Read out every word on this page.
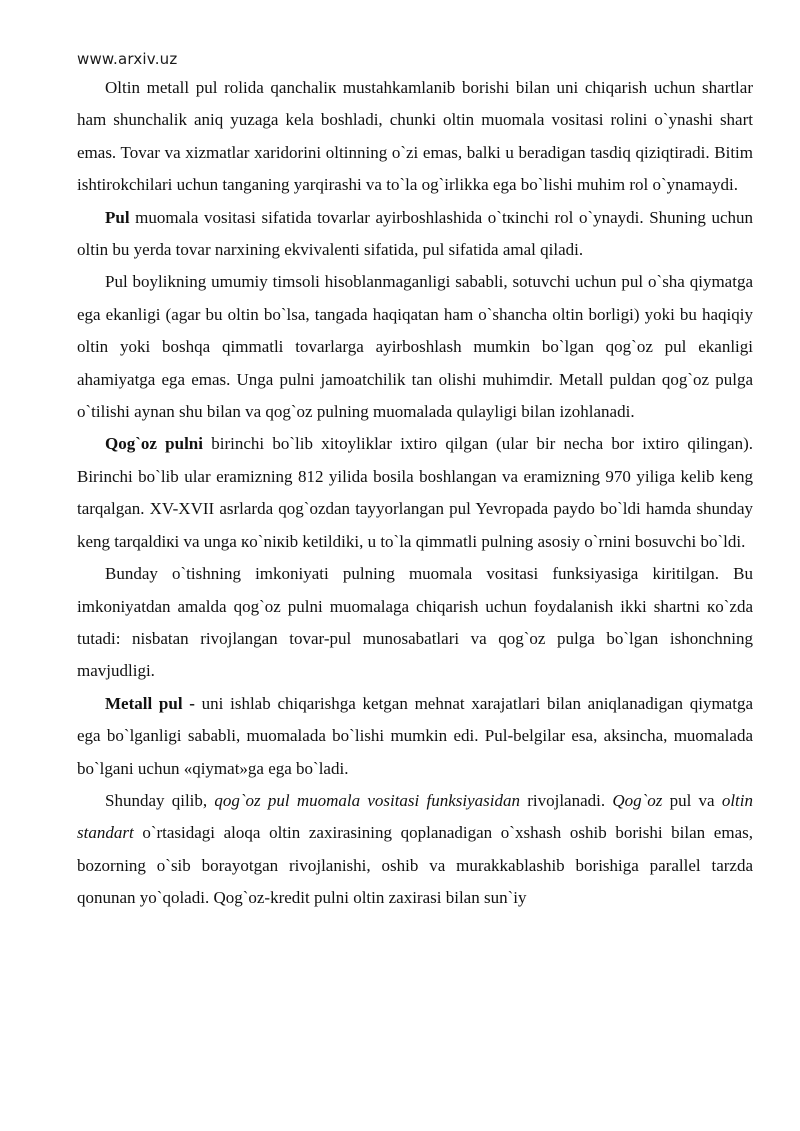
www.arxiv.uz

Oltin metall pul rolida qanchalік mustahkamlanib borishi bilan uni chiqarish uchun shartlar ham shunchalik aniq yuzaga kela boshladi, chunki oltin muomala vositasi rolini o`ynashi shart emas. Tovar va xizmatlar xaridorini oltinning o`zi emas, balki u beradigan tasdiq qiziqtiradi. Bitim ishtirokchilari uchun tanganing yarqirashi va to`la og`irlikka ega bo`lishi muhim rol o`ynamaydi.

Pul muomala vositasi sifatida tovarlar ayirboshlashida o`tкinchi rol o`ynaydi. Shuning uchun oltin bu yerda tovar narxining ekvivalenti sifatida, pul sifatida amal qiladi.

Pul boylikning umumiy timsoli hisoblanmaganligi sababli, sotuvchi uchun pul o`sha qiymatga ega ekanligi (agar bu oltin bo`lsa, tangada haqiqatan ham o`shancha oltin borligi) yoki bu haqiqiy oltin yoki boshqa qimmatli tovarlarga ayirboshlash mumkin bo`lgan qog`oz pul ekanligi ahamiyatga ega emas. Unga pulni jamoatchilik tan olishi muhimdir. Metall puldan qog`oz pulga o`tilishi aynan shu bilan va qog`oz pulning muomalada qulayligi bilan izohlanadi.

Qog`oz pulni birinchi bo`lib xitoyliklar ixtiro qilgan (ular bir necha bor ixtiro qilingan). Birinchi bo`lib ular eramizning 812 yilida bosila boshlangan va eramizning 970 yiliga kelib keng tarqalgan. XV-XVII asrlarda qog`ozdan tayyorlangan pul Yevropada paydo bo`ldi hamda shunday keng tarqaldікі va unga кo`nікіb ketildiki, u to`la qimmatli pulning asosiy o`rnini bosuvchi bo`ldi.

Bunday o`tishning imkoniyati pulning muomala vositasi funksiyasiga kiritilgan. Bu imkoniyatdan amalda qog`oz pulni muomalaga chiqarish uchun foydalanish ikki shartni кo`zda tutadi: nisbatan rivojlangan tovar-pul munosabatlari va qog`oz pulga bo`lgan ishonchning mavjudligi.

Metall pul - uni ishlab chiqarishga ketgan mehnat xarajatlari bilan aniqlanadigan qiymatga ega bo`lganligi sababli, muomalada bo`lishi mumkin edi. Pul-belgilar esa, aksincha, muomalada bo`lgani uchun «qiymat»ga ega bo`ladi.

Shunday qilib, qog`oz pul muomala vositasi funksiyasidan rivojlanadi. Qog`oz pul va oltin standart o`rtasidagi aloqa oltin zaxirasining qoplanadigan o`xshash oshib borishi bilan emas, bozorning o`sib borayotgan rivojlanishi, oshib va murakkablashib borishiga parallel tarzda qonunan yo`qoladi. Qog`oz-kredit pulni oltin zaxirasi bilan sun`iy
